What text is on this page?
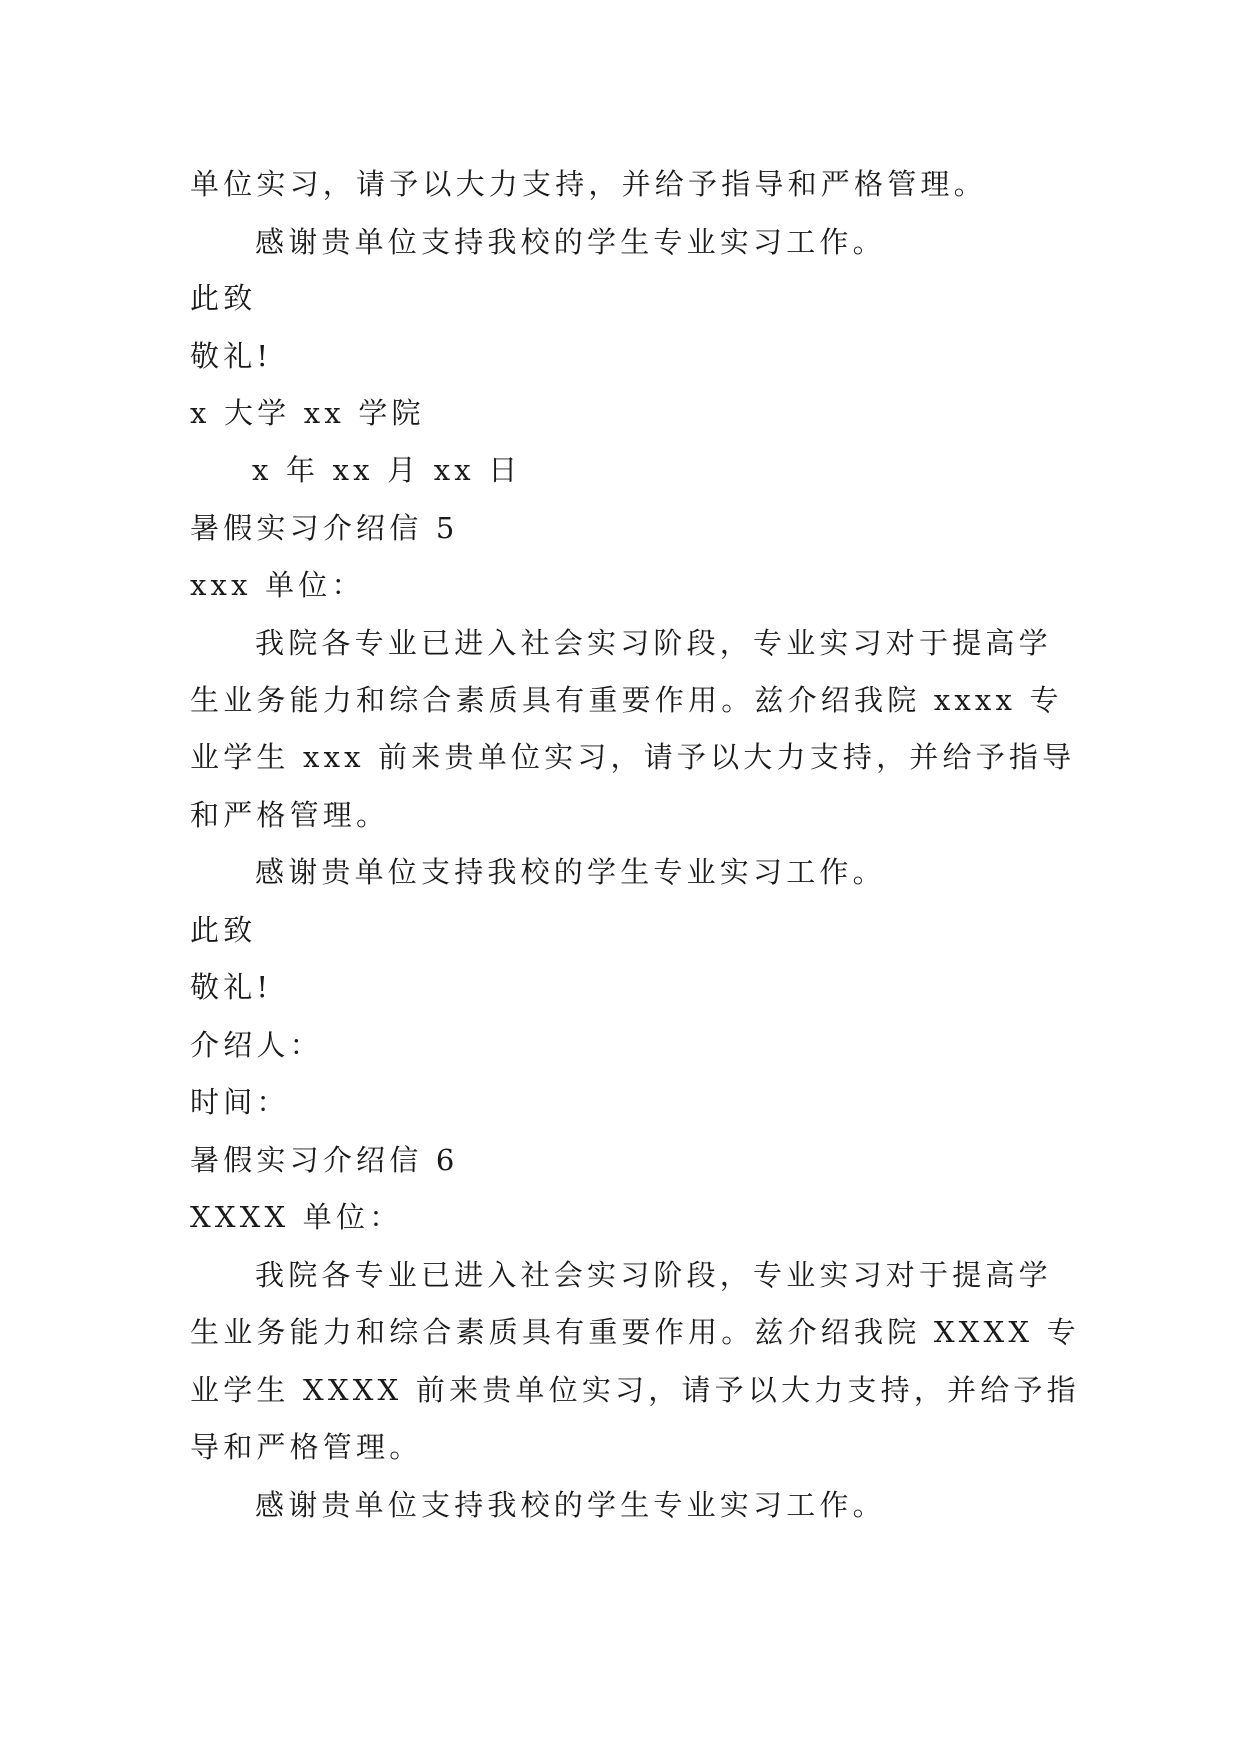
单位实习，请予以大力支持，并给予指导和严格管理。
感谢贵单位支持我校的学生专业实习工作。
此致
敬礼!
x 大学 xx 学院
x 年 xx 月 xx 日
暑假实习介绍信 5
xxx 单位：
我院各专业已进入社会实习阶段，专业实习对于提高学
生业务能力和综合素质具有重要作用。兹介绍我院 xxxx 专
业学生 xxx 前来贵单位实习，请予以大力支持，并给予指导
和严格管理。
感谢贵单位支持我校的学生专业实习工作。
此致
敬礼!
介绍人：
时间：
暑假实习介绍信 6
XXXX 单位：
我院各专业已进入社会实习阶段，专业实习对于提高学
生业务能力和综合素质具有重要作用。兹介绍我院 XXXX 专
业学生 XXXX 前来贵单位实习，请予以大力支持，并给予指
导和严格管理。
感谢贵单位支持我校的学生专业实习工作。
